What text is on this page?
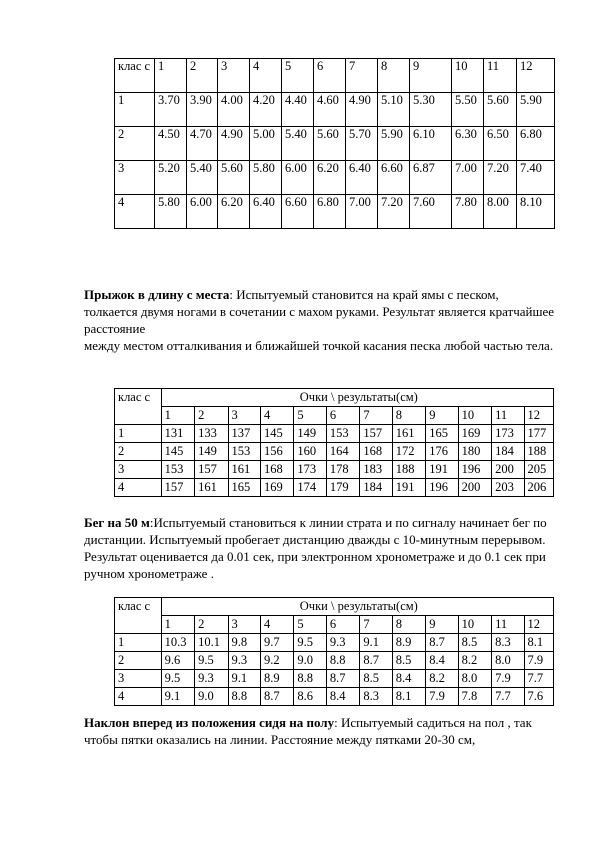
клас с	1	2	3	4	5	6	7	8	9	10	11	12
1	3.70	3.90	4.00	4.20	4.40	4.60	4.90	5.10	5.30	5.50	5.60	5.90
2	4.50	4.70	4.90	5.00	5.40	5.60	5.70	5.90	6.10	6.30	6.50	6.80
3	5.20	5.40	5.60	5.80	6.00	6.20	6.40	6.60	6.87	7.00	7.20	7.40
4	5.80	6.00	6.20	6.40	6.60	6.80	7.00	7.20	7.60	7.80	8.00	8.10

Прыжок в длину с места: Испытуемый становится на край ямы с песком, толкается двумя ногами в сочетании с махом руками. Результат является кратчайшее расстояние
между местом отталкивания и ближайшей точкой касания песка любой частью тела.

клас с	Очки \ результаты(см)											
	1	2	3	4	5	6	7	8	9	10	11	12
1	131	133	137	145	149	153	157	161	165	169	173	177
2	145	149	153	156	160	164	168	172	176	180	184	188
3	153	157	161	168	173	178	183	188	191	196	200	205
4	157	161	165	169	174	179	184	191	196	200	203	206

Бег на 50 м:Испытуемый становиться к линии страта и по сигналу начинает бег по дистанции. Испытуемый пробегает дистанцию дважды с 10-минутным перерывом. Результат оценивается да 0.01 сек, при электронном хронометраже и до 0.1 сек при ручном хронометраже .

клас с	Очки \ результаты(см)											
	1	2	3	4	5	6	7	8	9	10	11	12
1	10.3	10.1	9.8	9.7	9.5	9.3	9.1	8.9	8.7	8.5	8.3	8.1
2	9.6	9.5	9.3	9.2	9.0	8.8	8.7	8.5	8.4	8.2	8.0	7.9
3	9.5	9.3	9.1	8.9	8.8	8.7	8.5	8.4	8.2	8.0	7.9	7.7
4	9.1	9.0	8.8	8.7	8.6	8.4	8.3	8.1	7.9	7.8	7.7	7.6

Наклон вперед из положения сидя на полу: Испытуемый садиться на пол , так чтобы пятки оказались на линии. Расстояние между пятками 20-30 см,
